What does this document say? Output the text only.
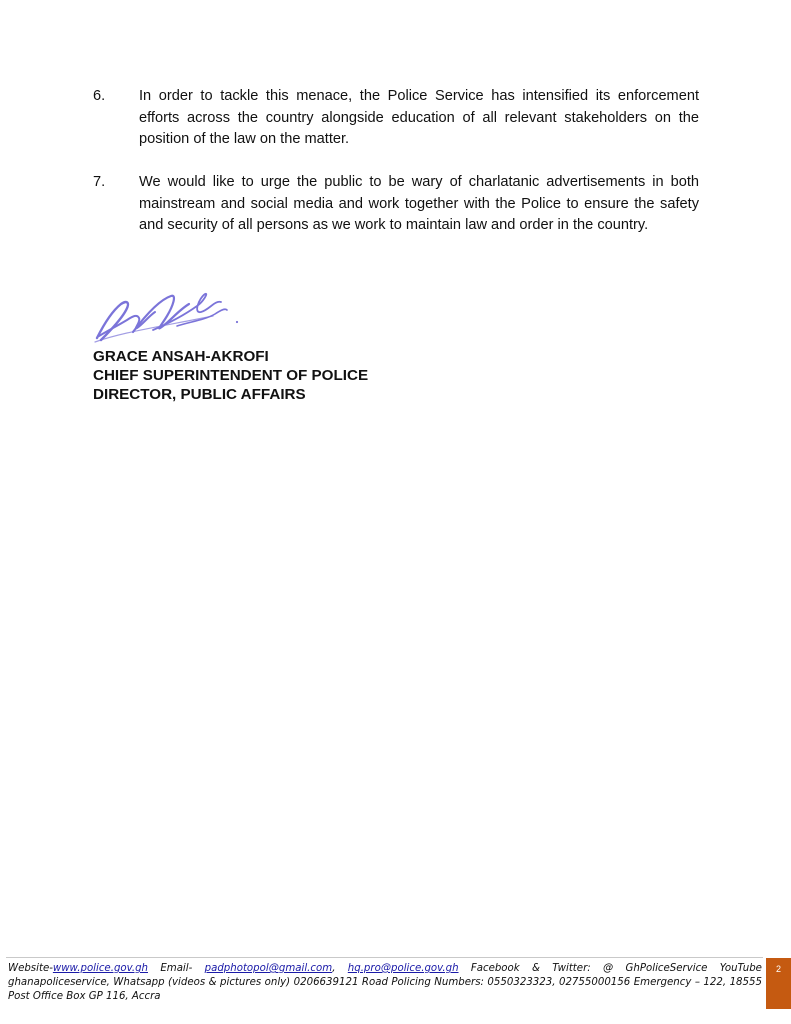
6. In order to tackle this menace, the Police Service has intensified its enforcement efforts across the country alongside education of all relevant stakeholders on the position of the law on the matter.
7. We would like to urge the public to be wary of charlatanic advertisements in both mainstream and social media and work together with the Police to ensure the safety and security of all persons as we work to maintain law and order in the country.
GRACE ANSAH-AKROFI
CHIEF SUPERINTENDENT OF POLICE
DIRECTOR, PUBLIC AFFAIRS
Website-www.police.gov.gh Email- padphotopol@gmail.com, hq.pro@police.gov.gh Facebook & Twitter: @ GhPoliceService YouTube ghanapoliceservice, Whatsapp (videos & pictures only) 0206639121 Road Policing Numbers: 0550323323, 02755000156 Emergency – 122, 18555 Post Office Box GP 116, Accra
2
